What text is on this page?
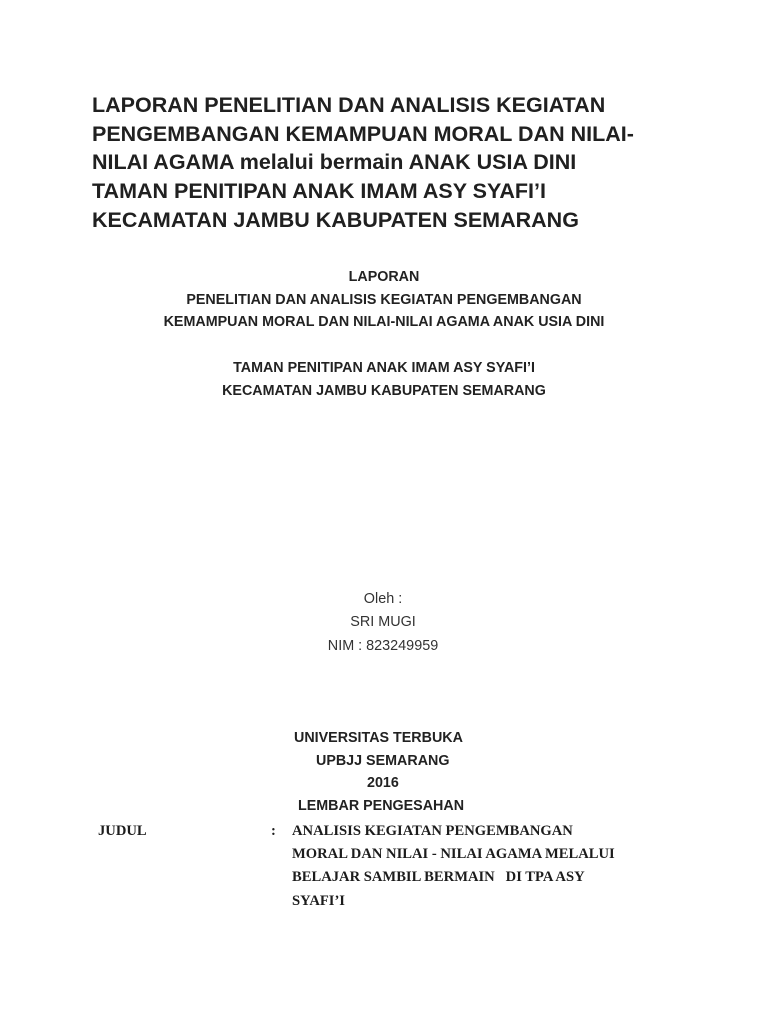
LAPORAN PENELITIAN DAN ANALISIS KEGIATAN
PENGEMBANGAN KEMAMPUAN MORAL DAN NILAI-
NILAI AGAMA melalui bermain ANAK USIA DINI
TAMAN PENITIPAN ANAK IMAM ASY SYAFI’I
KECAMATAN JAMBU KABUPATEN SEMARANG
LAPORAN
PENELITIAN DAN ANALISIS KEGIATAN PENGEMBANGAN
KEMAMPUAN MORAL DAN NILAI-NILAI AGAMA ANAK USIA DINI
TAMAN PENITIPAN ANAK IMAM ASY SYAFI’I
KECAMATAN JAMBU KABUPATEN SEMARANG
Oleh :
SRI MUGI
NIM : 823249959
UNIVERSITAS TERBUKA
UPBJJ SEMARANG
2016
LEMBAR PENGESAHAN
JUDUL	: ANALISIS KEGIATAN PENGEMBANGAN
MORAL DAN NILAI - NILAI AGAMA MELALUI
BELAJAR SAMBIL BERMAIN   DI TPA ASY
SYAFI’I
